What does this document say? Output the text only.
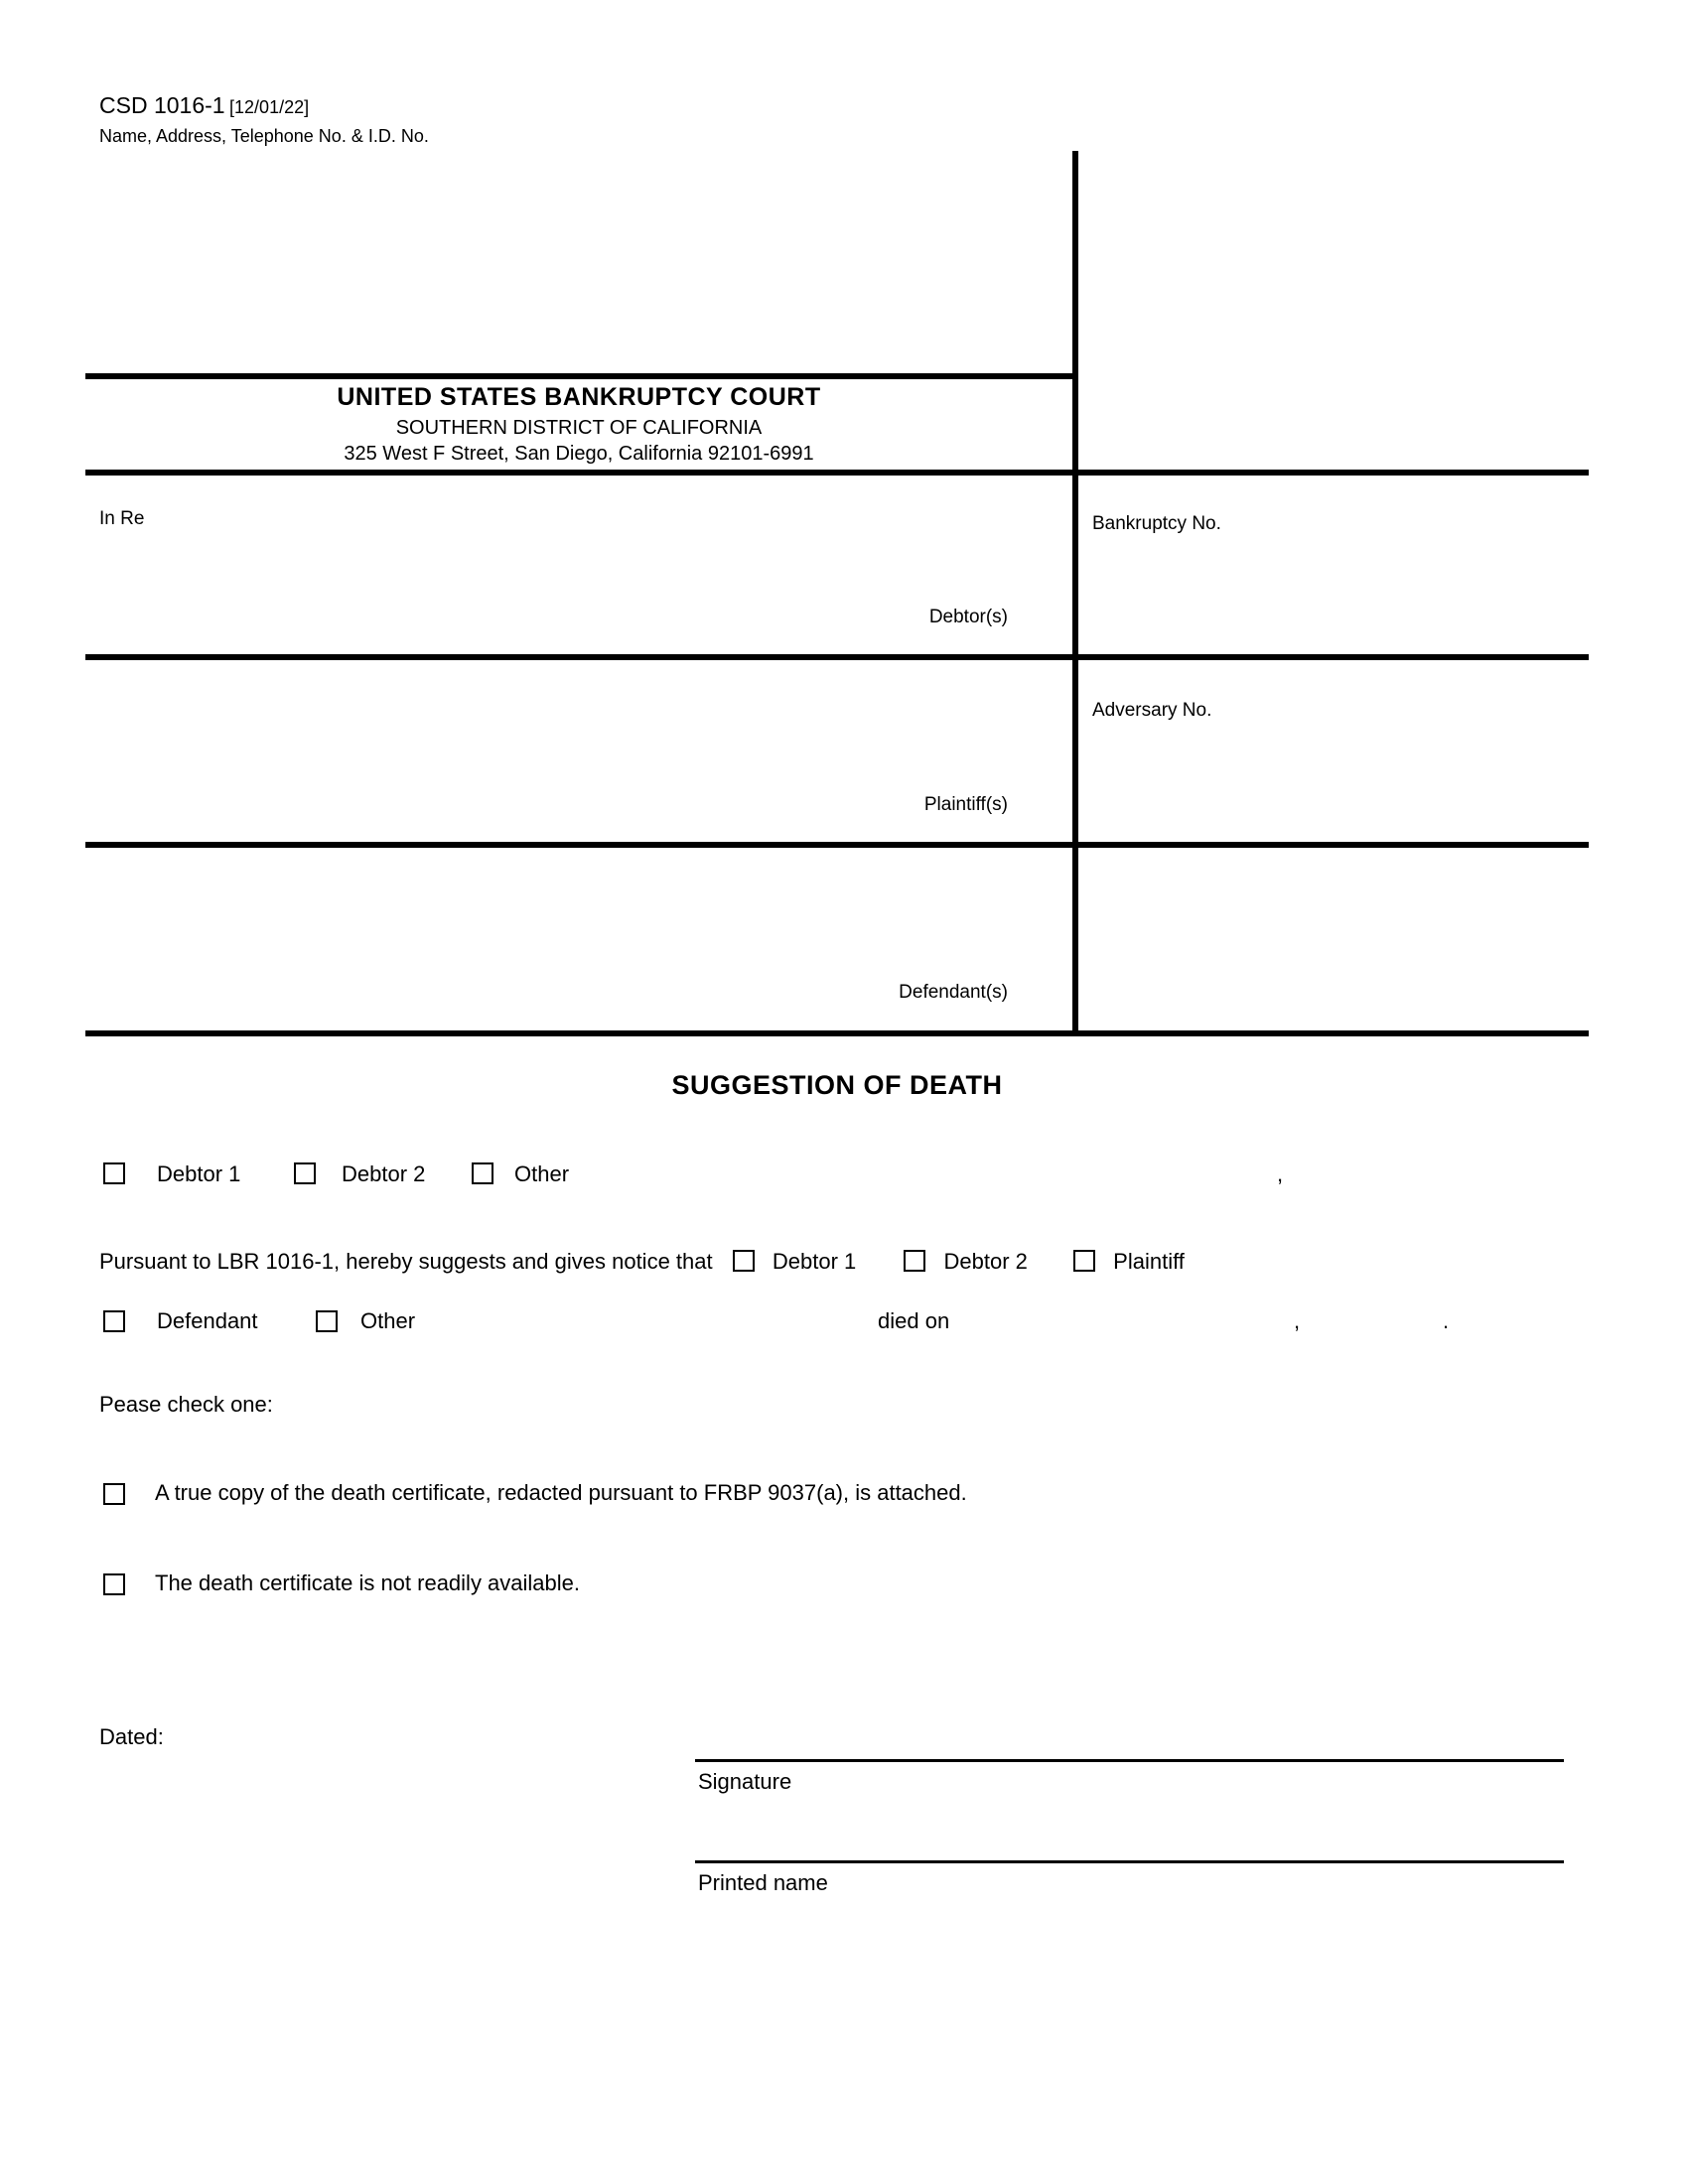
CSD 1016-1 [12/01/22]
Name, Address, Telephone No. & I.D. No.
UNITED STATES BANKRUPTCY COURT
SOUTHERN DISTRICT OF CALIFORNIA
325 West F Street, San Diego, California 92101-6991
In Re
Debtor(s)
Bankruptcy No.
Plaintiff(s)
Adversary No.
Defendant(s)
SUGGESTION OF DEATH
Debtor 1	Debtor 2	Other	,
Pursuant to LBR 1016-1, hereby suggests and gives notice that	Debtor 1	Debtor 2	Plaintiff
Defendant	Other	died on	,	.
Pease check one:
A true copy of the death certificate, redacted pursuant to FRBP 9037(a), is attached.
The death certificate is not readily available.
Dated:
Signature
Printed name
